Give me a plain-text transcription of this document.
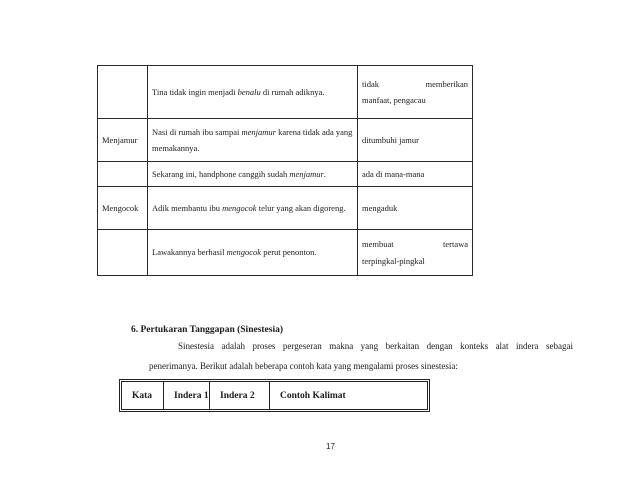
	Tina tidak ingin menjadi benalu di rumah adiknya.	tidak memberikan
manfaat, pengacau

Menjamur	Nasi di rumah ibu sampai menjamur karena tidak ada yang memakannya.	ditumbuhi jamur
	Sekarang ini, handphone canggih sudah menjamur.	ada di mana-mana
Mengocok	Adik membantu ibu mengocok telur yang akan digoreng.	mengaduk
	Lawakannya berhasil mengocok perut penonton.	membuat tertawa
terpingkal-pingkal
6. Pertukaran Tanggapan (Sinestesia)
Sinestesia adalah proses pergeseran makna yang berkaitan dengan konteks alat indera sebagai
penerimanya. Berikut adalah beberapa contoh kata yang mengalami proses sinestesia:
Kata	Indera 1	Indera 2	Contoh Kalimat
17
